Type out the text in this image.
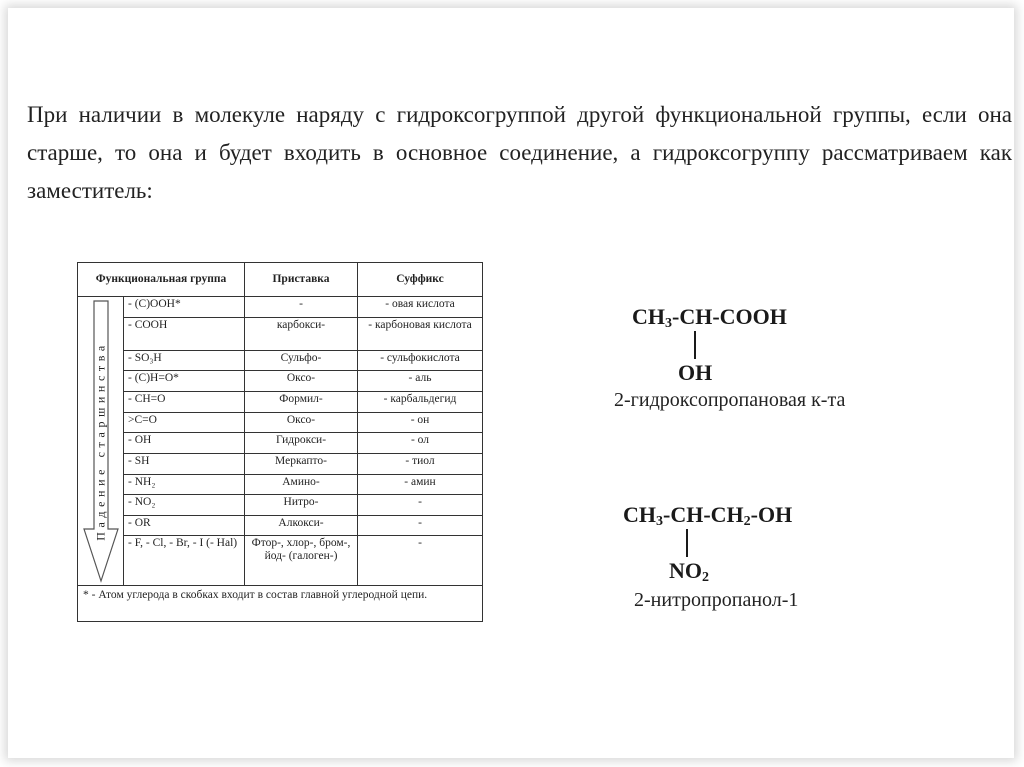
При наличии в молекуле наряду с гидроксогруппой другой функциональной группы, если она старше, то она и будет входить в основное соединение, а гидроксогруппу рассматриваем как заместитель:

Функциональная группа		Приставка	Суффикс

Падение старшинства	- (C)OOH*	-	- овая кислота
	- COOH	карбокси-	- карбоновая кислота
	- SO₃H	Сульфо-	- сульфокислота
	- (C)H=O*	Оксо-	- аль
	- CH=O	Формил-	- карбальдегид
	>C=O	Оксо-	- он
	- OH	Гидрокси-	- ол
	- SH	Меркапто-	- тиол
	- NH₂	Амино-	- амин
	- NO₂	Нитро-	-
	- OR	Алкокси-	-
	- F, - Cl, - Br, - I (- Hal)	Фтор-, хлор-, бром-, йод- (галоген-)	-
* - Атом углерода в скобках входит в состав главной углеродной цепи.			
$CH_3-CH$-COOH
OH
2-гидроксопропановая к-та
$CH_3-CH-CH_2-OH$
$NO_2$
2-нитропропанол-1
